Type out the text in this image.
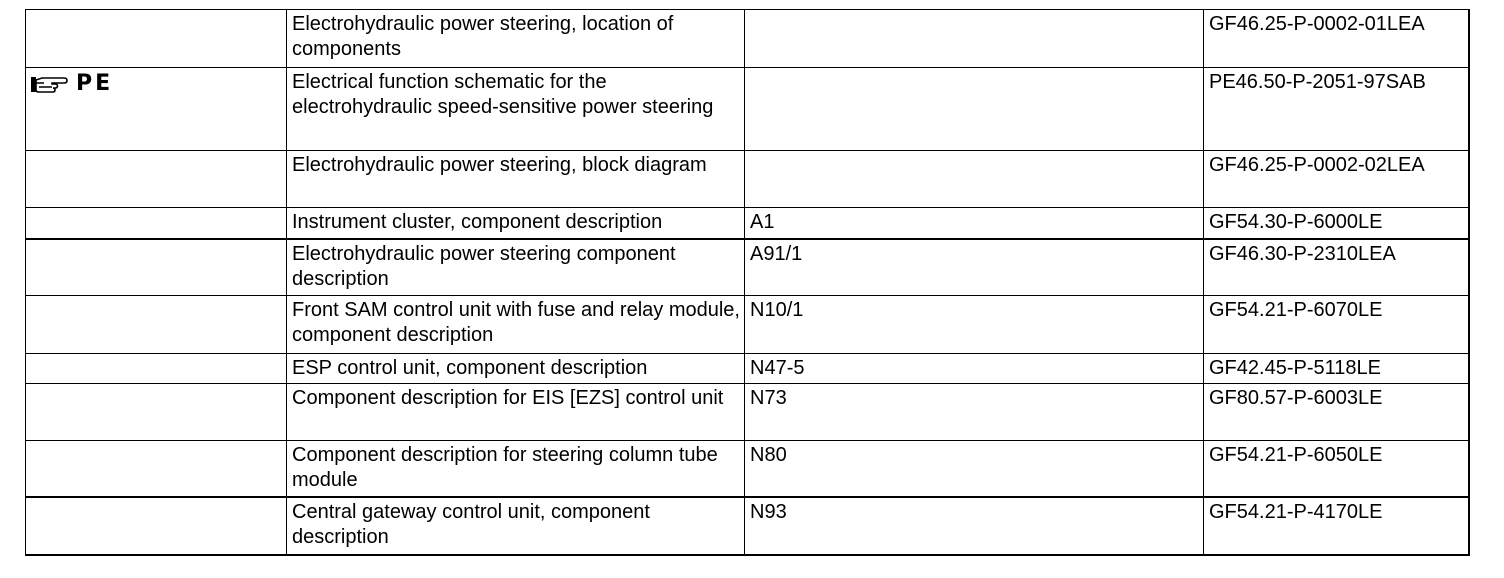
	Electrohydraulic power steering, location of components		GF46.25-P-0002-01LEA

PE	Electrical function schematic for the electrohydraulic speed-sensitive power steering		PE46.50-P-2051-97SAB
	Electrohydraulic power steering, block diagram		GF46.25-P-0002-02LEA
	Instrument cluster, component description	A1	GF54.30-P-6000LE
	Electrohydraulic power steering component description	A91/1	GF46.30-P-2310LEA
	Front SAM control unit with fuse and relay module, component description	N10/1	GF54.21-P-6070LE
	ESP control unit, component description	N47-5	GF42.45-P-5118LE
	Component description for EIS [EZS] control unit	N73	GF80.57-P-6003LE
	Component description for steering column tube module	N80	GF54.21-P-6050LE
	Central gateway control unit, component description	N93	GF54.21-P-4170LE
